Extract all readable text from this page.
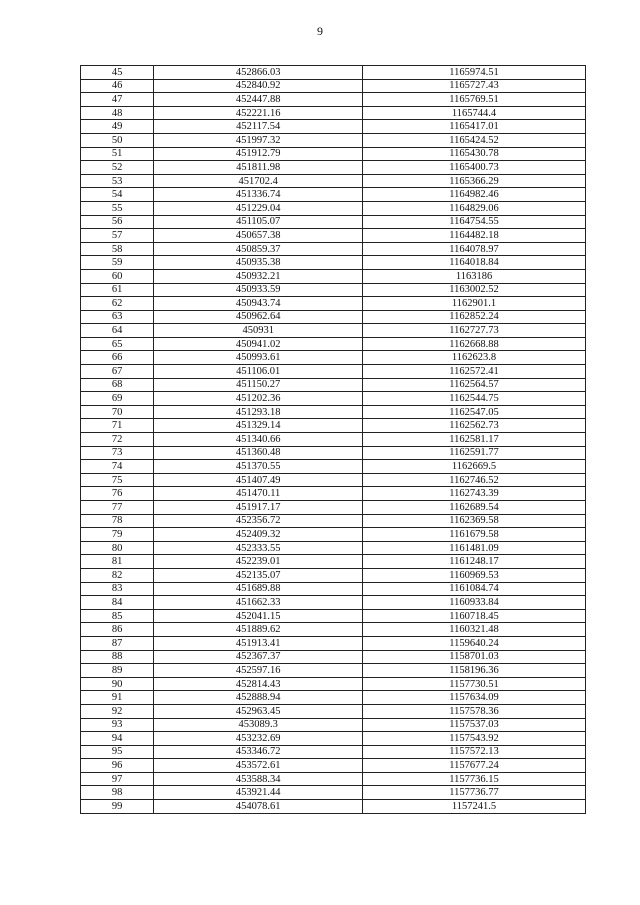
9
45	452866.03	1165974.51
46	452840.92	1165727.43
47	452447.88	1165769.51
48	452221.16	1165744.4
49	452117.54	1165417.01
50	451997.32	1165424.52
51	451912.79	1165430.78
52	451811.98	1165400.73
53	451702.4	1165366.29
54	451336.74	1164982.46
55	451229.04	1164829.06
56	451105.07	1164754.55
57	450657.38	1164482.18
58	450859.37	1164078.97
59	450935.38	1164018.84
60	450932.21	1163186
61	450933.59	1163002.52
62	450943.74	1162901.1
63	450962.64	1162852.24
64	450931	1162727.73
65	450941.02	1162668.88
66	450993.61	1162623.8
67	451106.01	1162572.41
68	451150.27	1162564.57
69	451202.36	1162544.75
70	451293.18	1162547.05
71	451329.14	1162562.73
72	451340.66	1162581.17
73	451360.48	1162591.77
74	451370.55	1162669.5
75	451407.49	1162746.52
76	451470.11	1162743.39
77	451917.17	1162689.54
78	452356.72	1162369.58
79	452409.32	1161679.58
80	452333.55	1161481.09
81	452239.01	1161248.17
82	452135.07	1160969.53
83	451689.88	1161084.74
84	451662.33	1160933.84
85	452041.15	1160718.45
86	451889.62	1160321.48
87	451913.41	1159640.24
88	452367.37	1158701.03
89	452597.16	1158196.36
90	452814.43	1157730.51
91	452888.94	1157634.09
92	452963.45	1157578.36
93	453089.3	1157537.03
94	453232.69	1157543.92
95	453346.72	1157572.13
96	453572.61	1157677.24
97	453588.34	1157736.15
98	453921.44	1157736.77
99	454078.61	1157241.5
